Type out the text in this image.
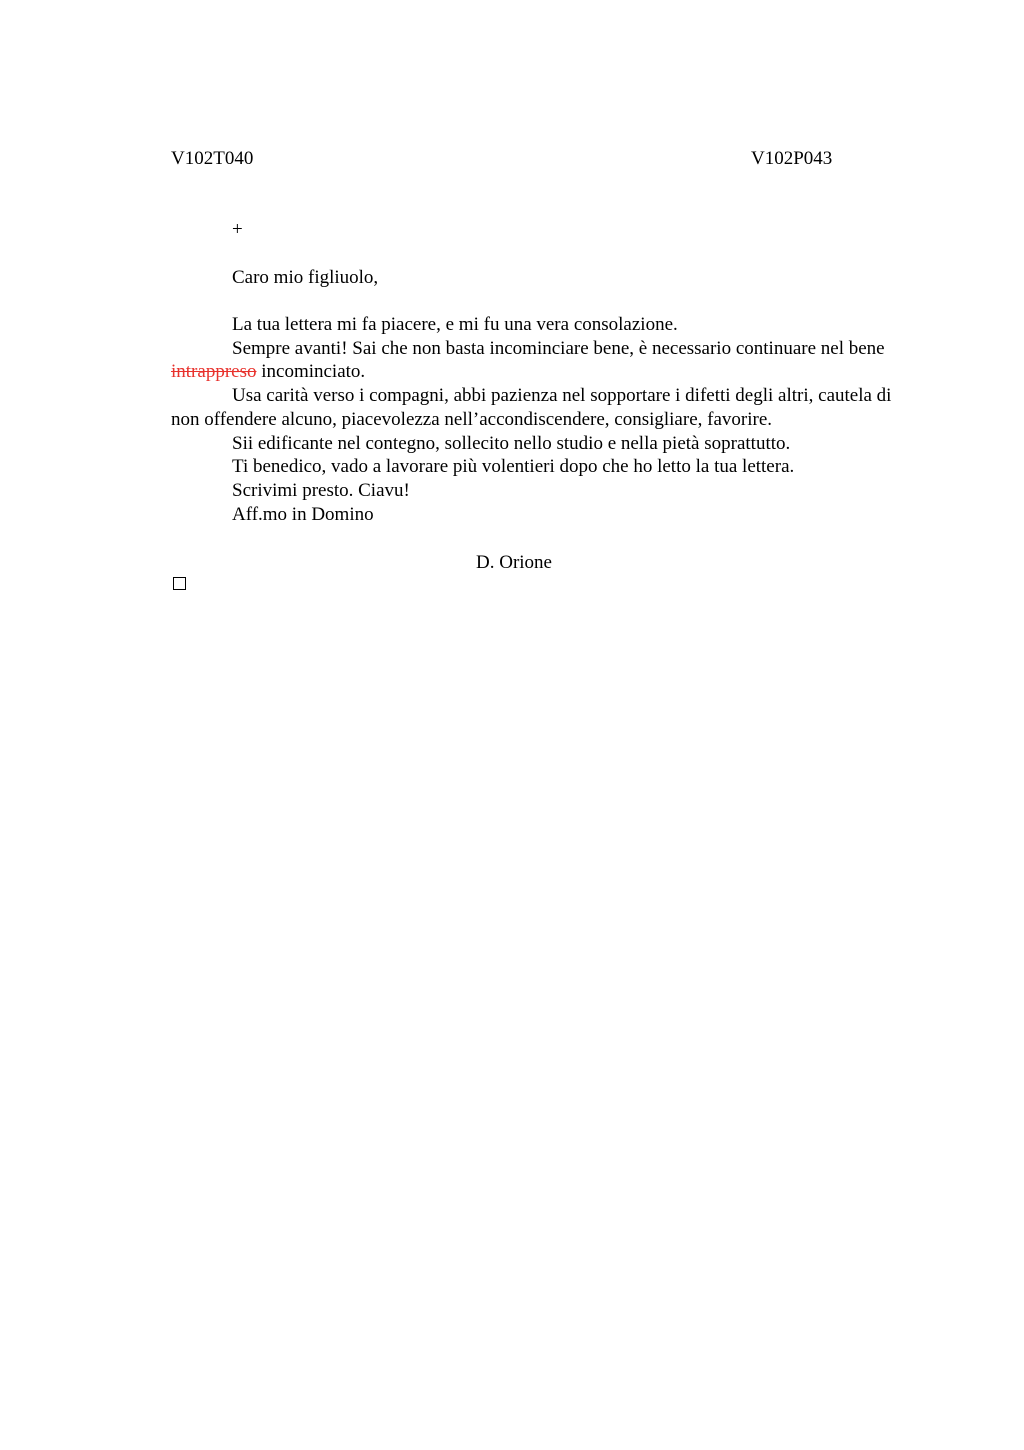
V102T040	V102P043
+
Caro mio figliuolo,

La tua lettera mi fa piacere, e mi fu una vera consolazione.

Sempre avanti! Sai che non basta incominciare bene, è necessario continuare nel bene intrappreso incominciato.

Usa carità verso i compagni, abbi pazienza nel sopportare i difetti degli altri, cautela di non offendere alcuno, piacevolezza nell’accondiscendere, consigliare, favorire.

Sii edificante nel contegno, sollecito nello studio e nella pietà soprattutto.

Ti benedico, vado a lavorare più volentieri dopo che ho letto la tua lettera.

Scrivimi presto. Ciavu!

Aff.mo in Domino

D. Orione
